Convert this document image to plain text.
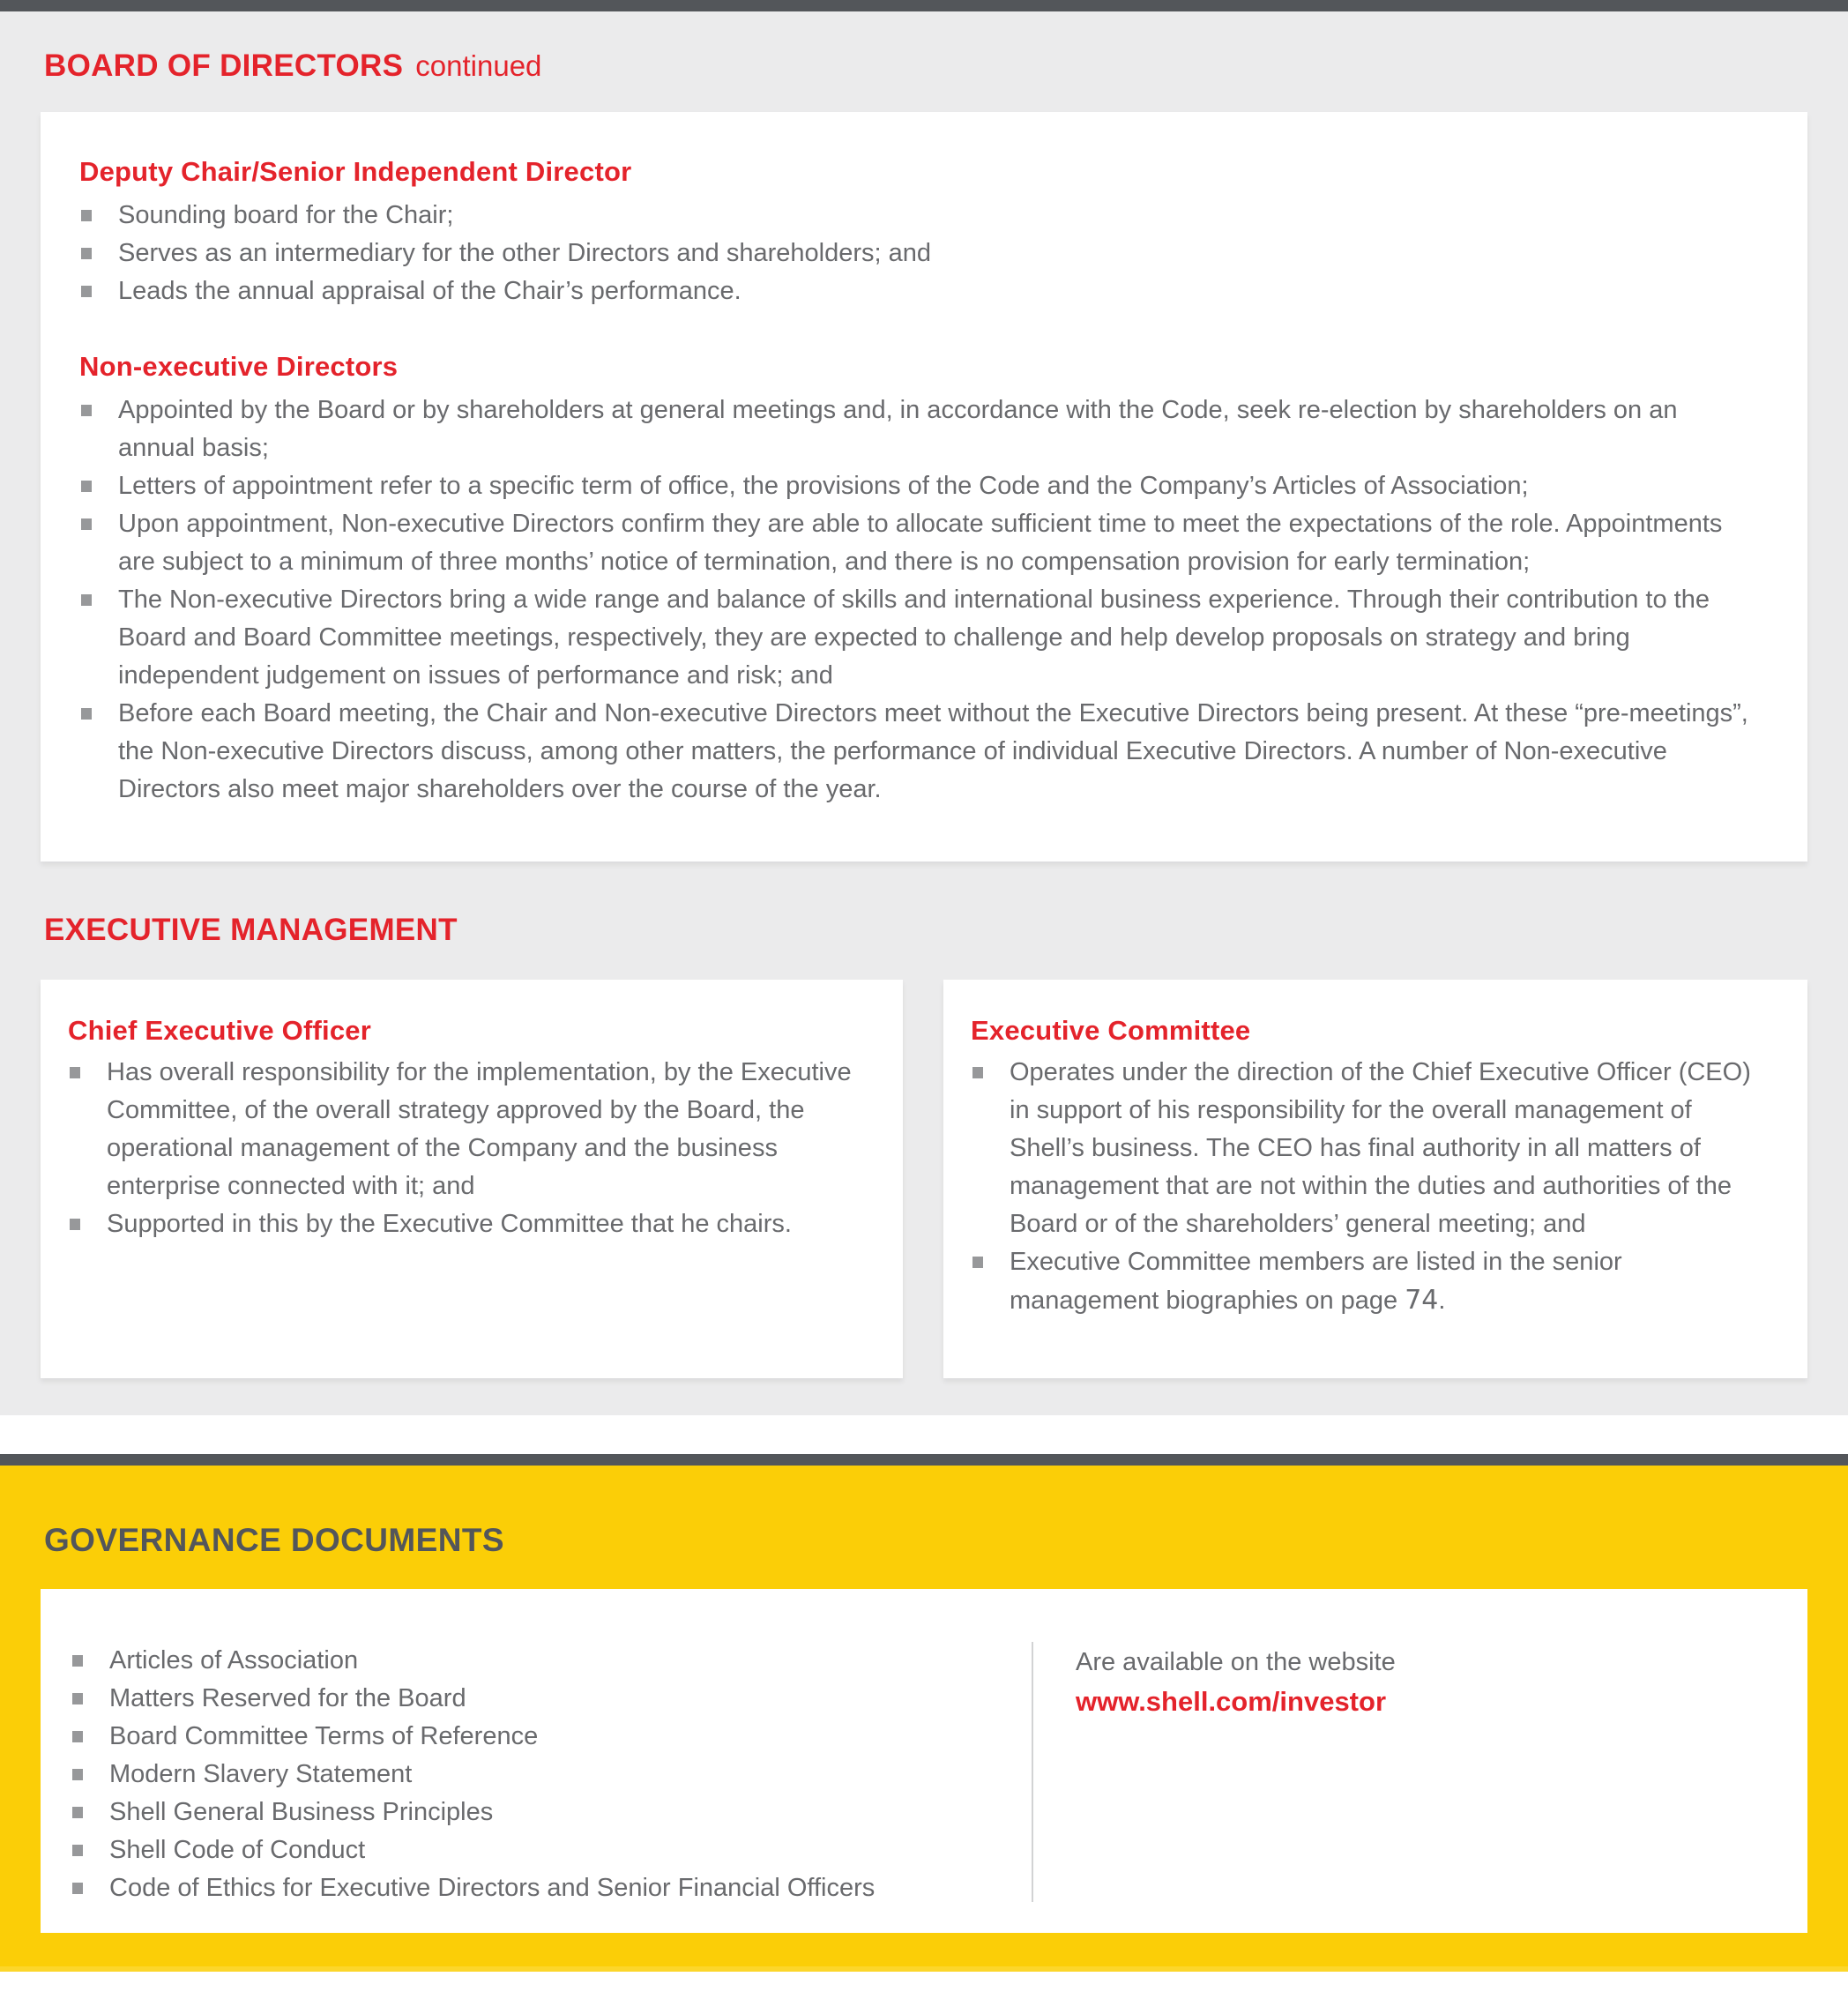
BOARD OF DIRECTORS continued
Deputy Chair/Senior Independent Director
Sounding board for the Chair;
Serves as an intermediary for the other Directors and shareholders; and
Leads the annual appraisal of the Chair’s performance.
Non-executive Directors
Appointed by the Board or by shareholders at general meetings and, in accordance with the Code, seek re-election by shareholders on an annual basis;
Letters of appointment refer to a specific term of office, the provisions of the Code and the Company’s Articles of Association;
Upon appointment, Non-executive Directors confirm they are able to allocate sufficient time to meet the expectations of the role. Appointments are subject to a minimum of three months’ notice of termination, and there is no compensation provision for early termination;
The Non-executive Directors bring a wide range and balance of skills and international business experience. Through their contribution to the Board and Board Committee meetings, respectively, they are expected to challenge and help develop proposals on strategy and bring independent judgement on issues of performance and risk; and
Before each Board meeting, the Chair and Non-executive Directors meet without the Executive Directors being present. At these “pre-meetings”, the Non-executive Directors discuss, among other matters, the performance of individual Executive Directors. A number of Non-executive Directors also meet major shareholders over the course of the year.
EXECUTIVE MANAGEMENT
Chief Executive Officer
Has overall responsibility for the implementation, by the Executive Committee, of the overall strategy approved by the Board, the operational management of the Company and the business enterprise connected with it; and
Supported in this by the Executive Committee that he chairs.
Executive Committee
Operates under the direction of the Chief Executive Officer (CEO) in support of his responsibility for the overall management of Shell’s business. The CEO has final authority in all matters of management that are not within the duties and authorities of the Board or of the shareholders’ general meeting; and
Executive Committee members are listed in the senior management biographies on page 74.
GOVERNANCE DOCUMENTS
Articles of Association
Matters Reserved for the Board
Board Committee Terms of Reference
Modern Slavery Statement
Shell General Business Principles
Shell Code of Conduct
Code of Ethics for Executive Directors and Senior Financial Officers

Are available on the website

www.shell.com/investor
